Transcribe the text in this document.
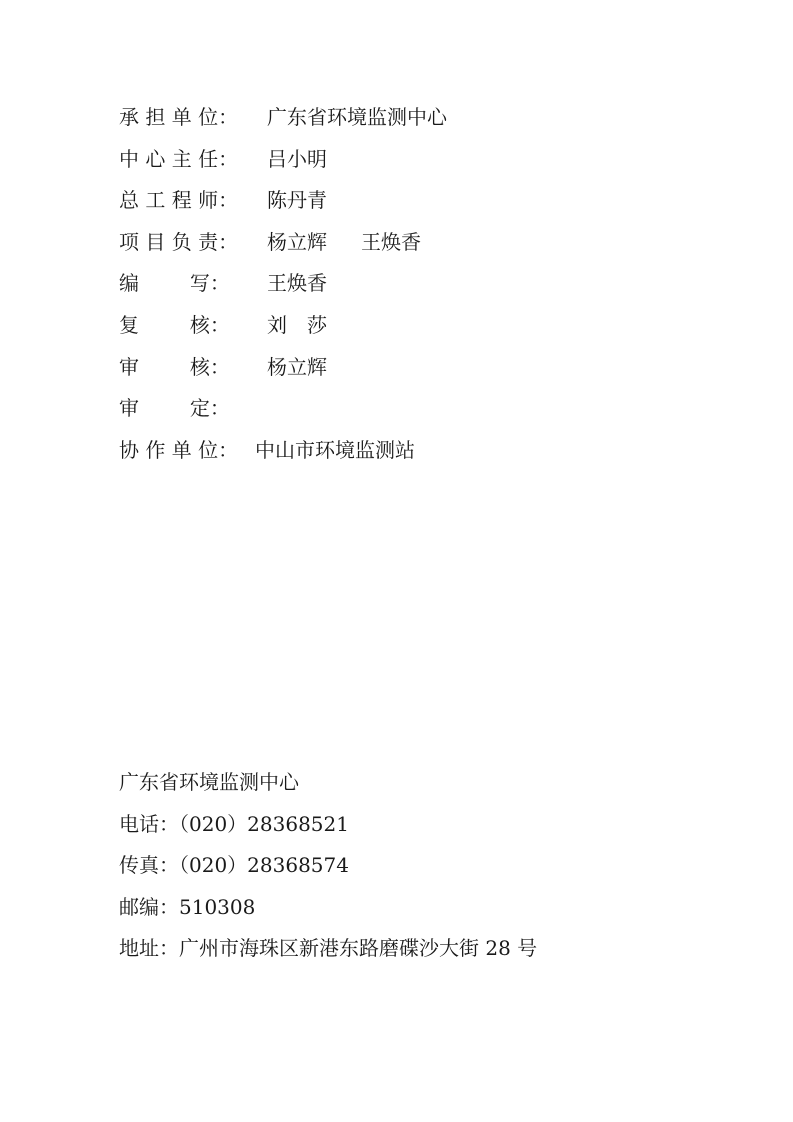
承 担 单 位：	广东省环境监测中心
中 心 主 任：	吕小明
总 工 程 师：	陈丹青
项 目 负 责：	杨立辉 王焕香
编        写：	王焕香
复        核：	刘　莎
审        核：	杨立辉
审        定：
协 作 单 位： 中山市环境监测站
广东省环境监测中心
电话：（020）28368521
传真：（020）28368574
邮编：510308
地址：广州市海珠区新港东路磨碟沙大街 28 号
